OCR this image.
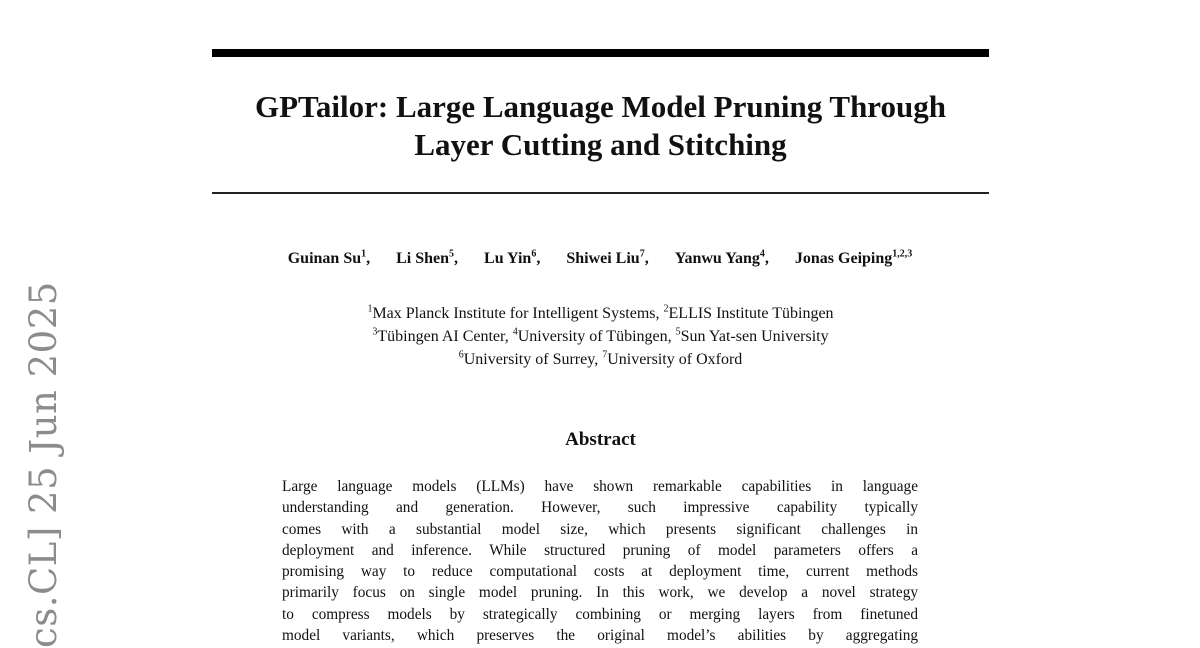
GPTailor: Large Language Model Pruning Through
Layer Cutting and Stitching
Guinan Su$^1$, Li Shen$^5$, Lu Yin$^6$, Shiwei Liu$^7$, Yanwu Yang$^4$, Jonas Geiping$^{1,2,3}$
$^1$Max Planck Institute for Intelligent Systems, $^2$ELLIS Institute Tübingen
$^3$Tübingen AI Center, $^4$University of Tübingen, $^5$Sun Yat-sen University
$^6$University of Surrey, $^7$University of Oxford
Abstract
Large language models (LLMs) have shown remarkable capabilities in language
understanding and generation. However, such impressive capability typically
comes with a substantial model size, which presents significant challenges in
deployment and inference. While structured pruning of model parameters offers a
promising way to reduce computational costs at deployment time, current methods
primarily focus on single model pruning. In this work, we develop a novel strategy
to compress models by strategically combining or merging layers from finetuned
model variants, which preserves the original model’s abilities by aggregating
cs.CL] 25 Jun 2025
